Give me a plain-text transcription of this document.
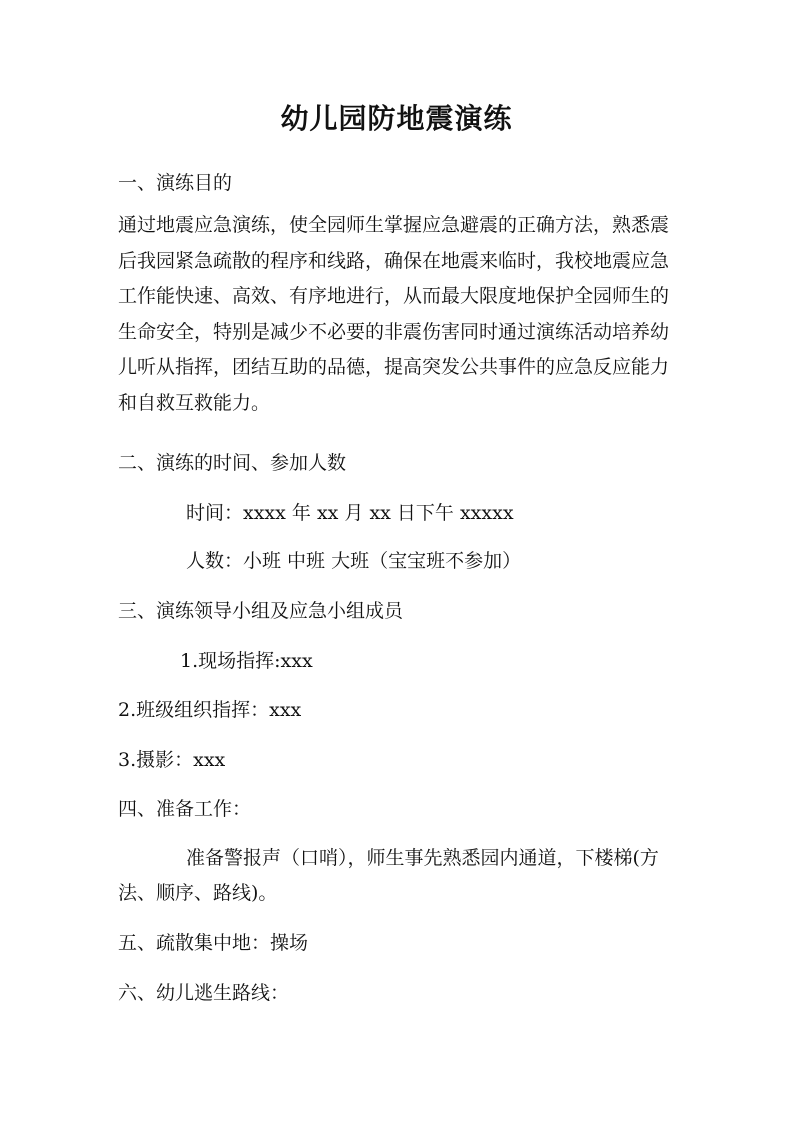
幼儿园防地震演练
一、演练目的
通过地震应急演练，使全园师生掌握应急避震的正确方法，熟悉震后我园紧急疏散的程序和线路，确保在地震来临时，我校地震应急工作能快速、高效、有序地进行，从而最大限度地保护全园师生的生命安全，特别是减少不必要的非震伤害同时通过演练活动培养幼儿听从指挥，团结互助的品德，提高突发公共事件的应急反应能力和自救互救能力。
二、演练的时间、参加人数
时间：xxxx 年 xx 月 xx 日下午 xxxxx
人数：小班 中班 大班（宝宝班不参加）
三、演练领导小组及应急小组成员
1.现场指挥:xxx
2.班级组织指挥：xxx
3.摄影：xxx
四、准备工作：
准备警报声（口哨），师生事先熟悉园内通道，下楼梯(方
法、顺序、路线)。
五、疏散集中地：操场
六、幼儿逃生路线：
